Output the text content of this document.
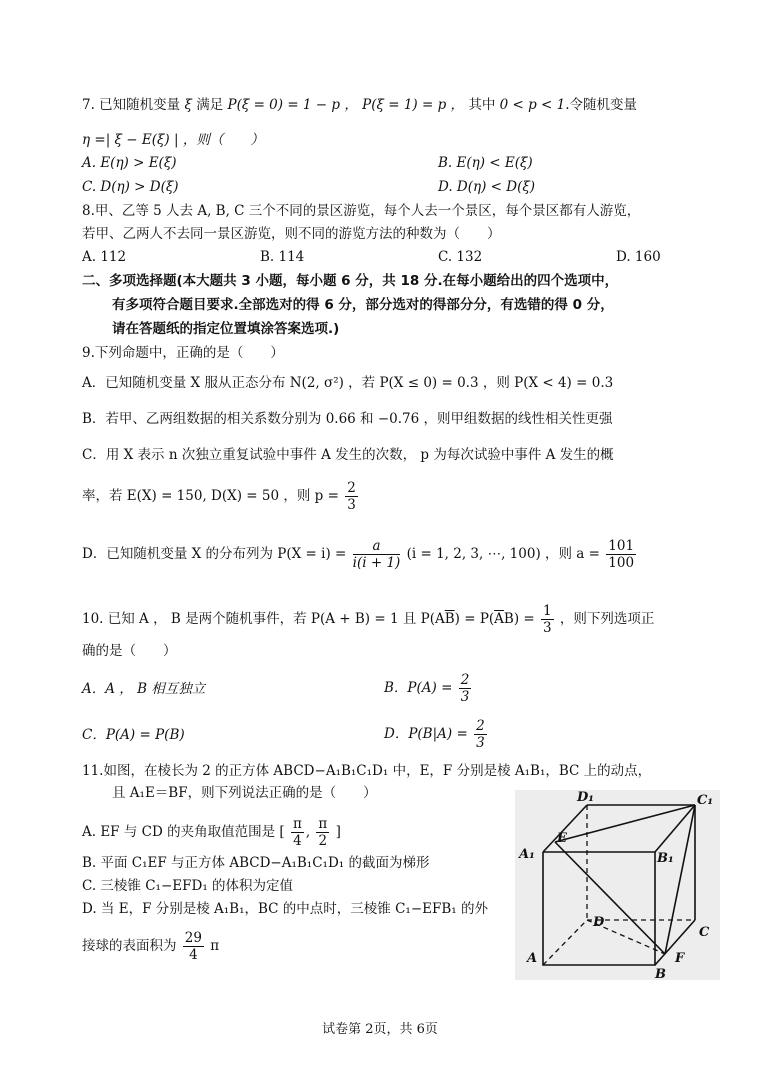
7. 已知随机变量 ξ 满足 P(ξ = 0) = 1 − p ， P(ξ = 1) = p ， 其中 0 < p < 1.令随机变量
η =| ξ − E(ξ) | ，则（　　）
A. E(η) > E(ξ)	B. E(η) < E(ξ)
C. D(η) > D(ξ)	D. D(η) < D(ξ)
8.甲、乙等 5 人去 A, B, C 三个不同的景区游览，每个人去一个景区，每个景区都有人游览，
若甲、乙两人不去同一景区游览，则不同的游览方法的种数为（　　）
A. 112	B. 114	C. 132	D. 160
二、多项选择题(本大题共 3 小题，每小题 6 分，共 18 分.在每小题给出的四个选项中，
有多项符合题目要求.全部选对的得 6 分，部分选对的得部分分，有选错的得 0 分，
请在答题纸的指定位置填涂答案选项.)
9.下列命题中，正确的是（　　）
A．已知随机变量 X 服从正态分布 N(2, σ²) ，若 P(X ≤ 0) = 0.3 ，则 P(X < 4) = 0.3
B．若甲、乙两组数据的相关系数分别为 0.66 和 −0.76 ，则甲组数据的线性相关性更强
C．用 X 表示 n 次独立重复试验中事件 A 发生的次数， p 为每次试验中事件 A 发生的概
率，若 E(X) = 150, D(X) = 50 ，则 $p = \frac{2}{3}$
D．已知随机变量 X 的分布列为 $P(X = i) = \frac{a}{i(i + 1)} (i = 1$, 2, 3, ⋯, 100) ，则 $a = \frac{101}{100}$
10. 已知 A ， B 是两个随机事件，若 P(A + B) = 1 且 $P(A\overline{B}) = P(\overline{A}B) = \frac{1}{3}$ ，则下列选项正
确的是（　　）
A．A ， B 相互独立	B．$P(A) = \frac{2}{3}$
C．P(A) = P(B)	D．$P(B|A) = \frac{2}{3}$
11.如图，在棱长为 2 的正方体 ABCD−A₁B₁C₁D₁ 中，E，F 分别是棱 A₁B₁，BC 上的动点，
且 A₁E＝BF，则下列说法正确的是（　　）
A. EF 与 CD 的夹角取值范围是 [ $\frac{\pi}{4}$ , $\frac{\pi}{2}$ ]
B. 平面 C₁EF 与正方体 ABCD−A₁B₁C₁D₁ 的截面为梯形
C. 三棱锥 C₁−EFD₁ 的体积为定值
D. 当 E，F 分别是棱 A₁B₁，BC 的中点时，三棱锥 C₁−EFB₁ 的外
接球的表面积为 $\frac{29}{4}$ π
D₁	C₁
A₁
E
B₁
D
C
A
B
F
试卷第 2页，共 6页
